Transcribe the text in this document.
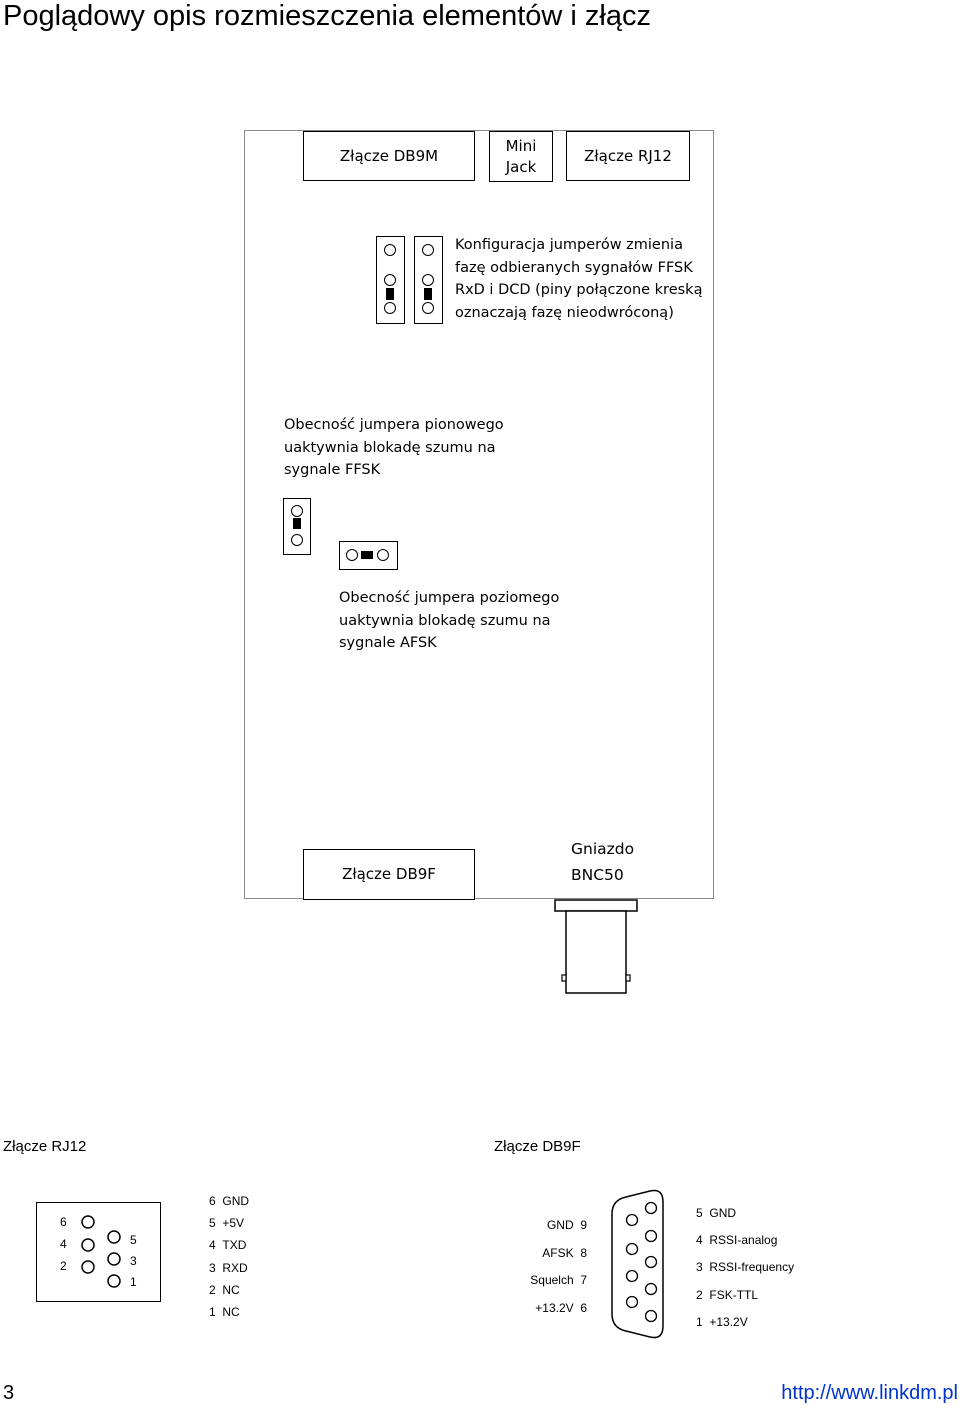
Poglądowy opis rozmieszczenia elementów i złącz
Złącze DB9M
Mini
Jack
Złącze RJ12
Konfiguracja jumperów zmienia
fazę odbieranych sygnałów FFSK
RxD i DCD (piny połączone kreską
oznaczają fazę nieodwróconą)
Obecność jumpera pionowego
uaktywnia blokadę szumu na
sygnale FFSK
Obecność jumpera poziomego
uaktywnia blokadę szumu na
sygnale AFSK
Złącze DB9F
Gniazdo
BNC50
Złącze RJ12
6
4
2
5
3
1
6 GND
5 +5V
4 TXD
3 RXD
2 NC
1 NC
Złącze DB9F
GND 9
AFSK 8
Squelch 7
+13.2V 6
5 GND
4 RSSI-analog
3 RSSI-frequency
2 FSK-TTL
1 +13.2V
3	http://www.linkdm.pl
